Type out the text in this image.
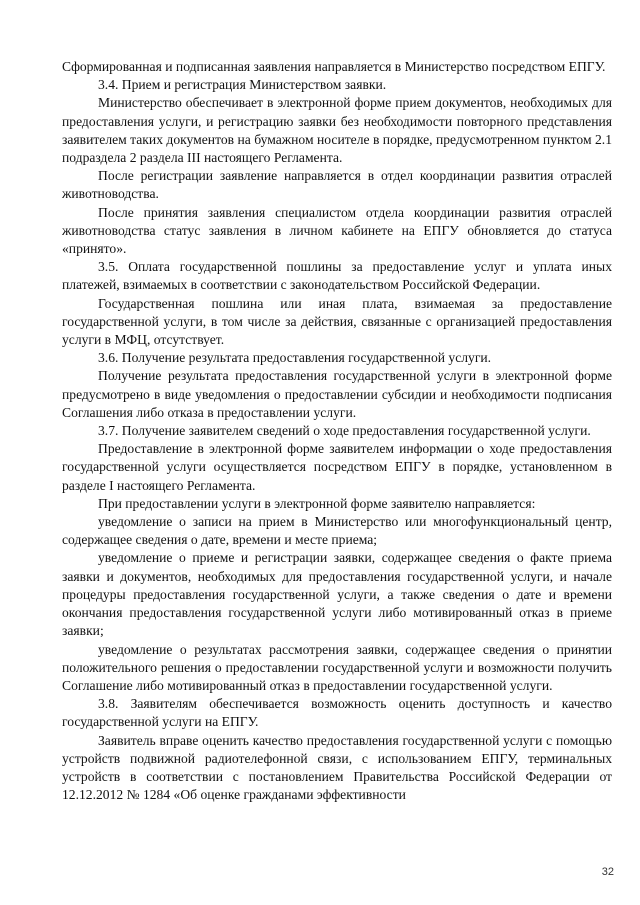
Сформированная и подписанная заявления направляется в Министерство посредством ЕПГУ.

3.4. Прием и регистрация Министерством заявки.

Министерство обеспечивает в электронной форме прием документов, необходимых для предоставления услуги, и регистрацию заявки без необходимости повторного представления заявителем таких документов на бумажном носителе в порядке, предусмотренном пунктом 2.1 подраздела 2 раздела III настоящего Регламента.

После регистрации заявление направляется в отдел координации развития отраслей животноводства.

После принятия заявления специалистом отдела координации развития отраслей животноводства статус заявления в личном кабинете на ЕПГУ обновляется до статуса «принято».

3.5. Оплата государственной пошлины за предоставление услуг и уплата иных платежей, взимаемых в соответствии с законодательством Российской Федерации.

Государственная пошлина или иная плата, взимаемая за предоставление государственной услуги, в том числе за действия, связанные с организацией предоставления услуги в МФЦ, отсутствует.

3.6. Получение результата предоставления государственной услуги.

Получение результата предоставления государственной услуги в электронной форме предусмотрено в виде уведомления о предоставлении субсидии и необходимости подписания Соглашения либо отказа в предоставлении услуги.

3.7. Получение заявителем сведений о ходе предоставления государственной услуги.

Предоставление в электронной форме заявителем информации о ходе предоставления государственной услуги осуществляется посредством ЕПГУ в порядке, установленном в разделе I настоящего Регламента.

При предоставлении услуги в электронной форме заявителю направляется:

уведомление о записи на прием в Министерство или многофункциональный центр, содержащее сведения о дате, времени и месте приема;

уведомление о приеме и регистрации заявки, содержащее сведения о факте приема заявки и документов, необходимых для предоставления государственной услуги, и начале процедуры предоставления государственной услуги, а также сведения о дате и времени окончания предоставления государственной услуги либо мотивированный отказ в приеме заявки;

уведомление о результатах рассмотрения заявки, содержащее сведения о принятии положительного решения о предоставлении государственной услуги и возможности получить Соглашение либо мотивированный отказ в предоставлении государственной услуги.

3.8. Заявителям обеспечивается возможность оценить доступность и качество государственной услуги на ЕПГУ.

Заявитель вправе оценить качество предоставления государственной услуги с помощью устройств подвижной радиотелефонной связи, с использованием ЕПГУ, терминальных устройств в соответствии с постановлением Правительства Российской Федерации от 12.12.2012 № 1284 «Об оценке гражданами эффективности

32
